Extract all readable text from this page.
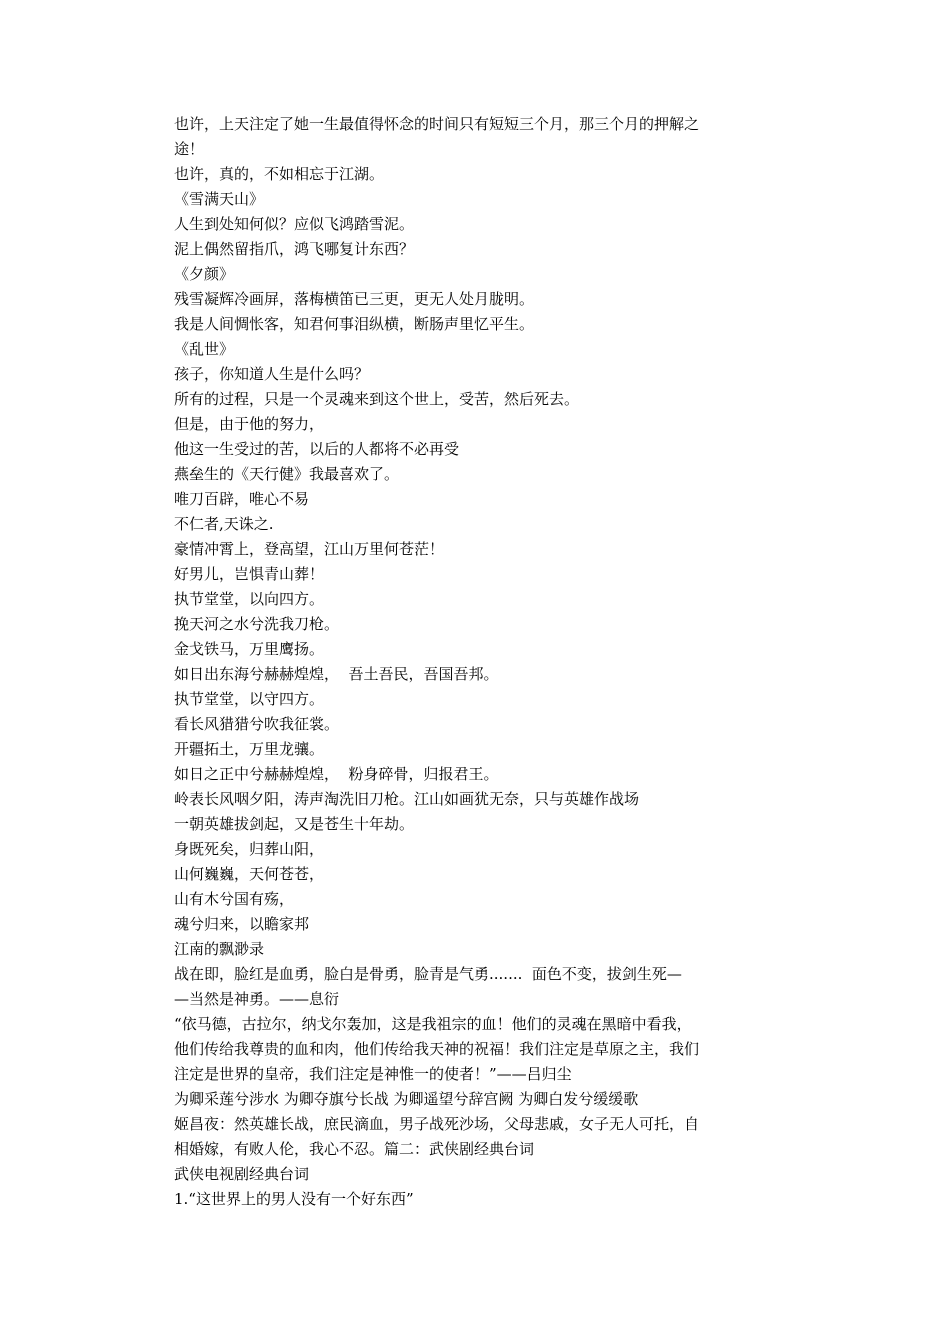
也许，上天注定了她一生最值得怀念的时间只有短短三个月，那三个月的押解之
途！
也许，真的，不如相忘于江湖。
《雪满天山》
人生到处知何似？应似飞鸿踏雪泥。
泥上偶然留指爪，鸿飞哪复计东西？
《夕颜》
残雪凝辉冷画屏，落梅横笛已三更，更无人处月胧明。
我是人间惆怅客，知君何事泪纵横，断肠声里忆平生。
《乱世》
孩子，你知道人生是什么吗？
所有的过程，只是一个灵魂来到这个世上，受苦，然后死去。
但是，由于他的努力，
他这一生受过的苦，以后的人都将不必再受
燕垒生的《天行健》我最喜欢了。
唯刀百辟，唯心不易
不仁者,天诛之.
豪情冲霄上，登高望，江山万里何苍茫！
好男儿，岂惧青山葬！
执节堂堂，以向四方。
挽天河之水兮洗我刀枪。
金戈铁马，万里鹰扬。
如日出东海兮赫赫煌煌，  吾土吾民，吾国吾邦。
执节堂堂，以守四方。
看长风猎猎兮吹我征裳。
开疆拓土，万里龙骧。
如日之正中兮赫赫煌煌，  粉身碎骨，归报君王。
岭表长风咽夕阳，涛声淘洗旧刀枪。江山如画犹无奈，只与英雄作战场
一朝英雄拔剑起，又是苍生十年劫。
身既死矣，归葬山阳，
山何巍巍，天何苍苍，
山有木兮国有殇，
魂兮归来，以瞻家邦
江南的飘渺录
战在即，脸红是血勇，脸白是骨勇，脸青是气勇.......  面色不变，拔剑生死—
—当然是神勇。——息衍
“依马德，古拉尔，纳戈尔轰加，这是我祖宗的血！他们的灵魂在黑暗中看我，
他们传给我尊贵的血和肉，他们传给我天神的祝福！我们注定是草原之主，我们
注定是世界的皇帝，我们注定是神惟一的使者！”——吕归尘
为卿采莲兮涉水 为卿夺旗兮长战 为卿遥望兮辞宫阙 为卿白发兮缓缓歌
姬昌夜：然英雄长战，庶民滴血，男子战死沙场，父母悲戚，女子无人可托，自
相婚嫁，有败人伦，我心不忍。篇二：武侠剧经典台词
武侠电视剧经典台词
1.“这世界上的男人没有一个好东西”
